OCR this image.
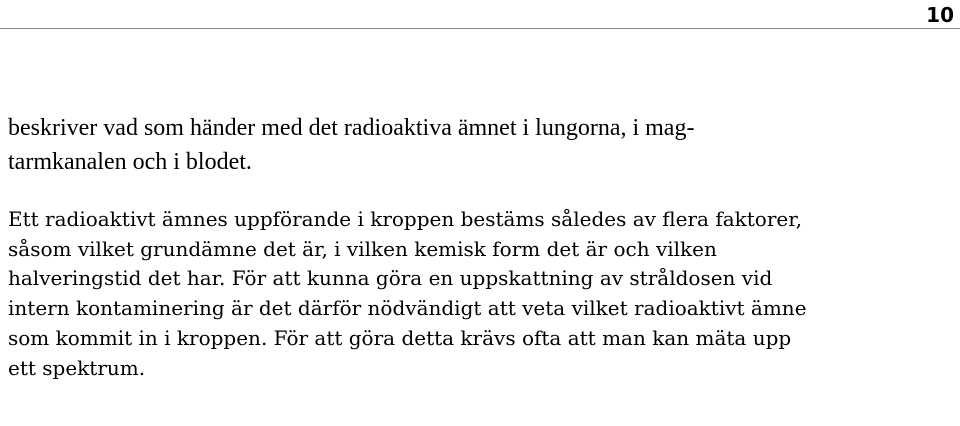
10

beskriver vad som händer med det radioaktiva ämnet i lungorna, i mag-
tarmkanalen och i blodet.

Ett radioaktivt ämnes uppförande i kroppen bestäms således av flera faktorer,
såsom vilket grundämne det är, i vilken kemisk form det är och vilken
halveringstid det har. För att kunna göra en uppskattning av stråldosen vid
intern kontaminering är det därför nödvändigt att veta vilket radioaktivt ämne
som kommit in i kroppen. För att göra detta krävs ofta att man kan mäta upp
ett spektrum.
